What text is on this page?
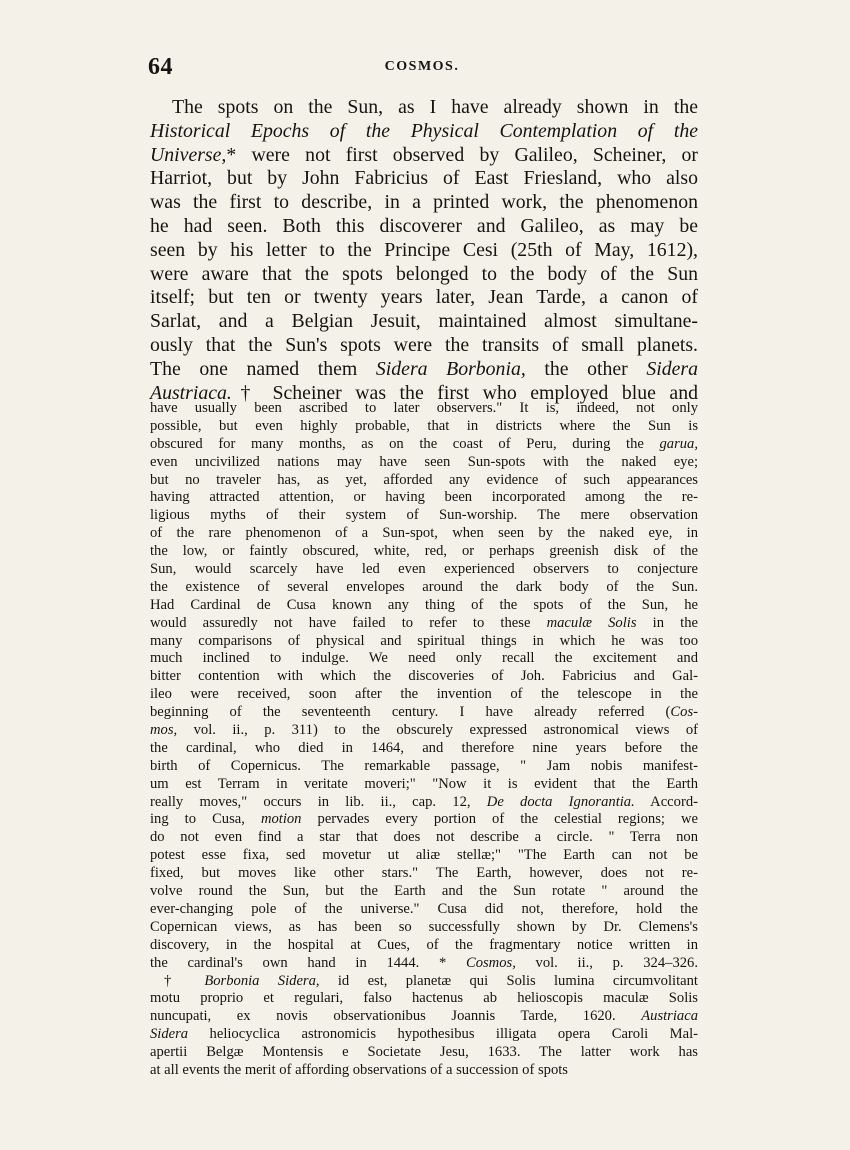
64	COSMOS.
The spots on the Sun, as I have already shown in the
Historical Epochs of the Physical Contemplation of the
Universe,* were not first observed by Galileo, Scheiner, or
Harriot, but by John Fabricius of East Friesland, who also
was the first to describe, in a printed work, the phenomenon
he had seen. Both this discoverer and Galileo, as may be
seen by his letter to the Principe Cesi (25th of May, 1612),
were aware that the spots belonged to the body of the Sun
itself; but ten or twenty years later, Jean Tarde, a canon of
Sarlat, and a Belgian Jesuit, maintained almost simultane-
ously that the Sun's spots were the transits of small planets.
The one named them Sidera Borbonia, the other Sidera
Austriaca.† Scheiner was the first who employed blue and
have usually been ascribed to later observers." It is, indeed, not only
possible, but even highly probable, that in districts where the Sun is
obscured for many months, as on the coast of Peru, during the garua,
even uncivilized nations may have seen Sun-spots with the naked eye;
but no traveler has, as yet, afforded any evidence of such appearances
having attracted attention, or having been incorporated among the re-
ligious myths of their system of Sun-worship. The mere observation
of the rare phenomenon of a Sun-spot, when seen by the naked eye, in
the low, or faintly obscured, white, red, or perhaps greenish disk of the
Sun, would scarcely have led even experienced observers to conjecture
the existence of several envelopes around the dark body of the Sun.
Had Cardinal de Cusa known any thing of the spots of the Sun, he
would assuredly not have failed to refer to these maculæ Solis in the
many comparisons of physical and spiritual things in which he was too
much inclined to indulge. We need only recall the excitement and
bitter contention with which the discoveries of Joh. Fabricius and Gal-
ileo were received, soon after the invention of the telescope in the
beginning of the seventeenth century. I have already referred (Cos-
mos, vol. ii., p. 311) to the obscurely expressed astronomical views of
the cardinal, who died in 1464, and therefore nine years before the
birth of Copernicus. The remarkable passage, " Jam nobis manifest-
um est Terram in veritate moveri;" "Now it is evident that the Earth
really moves," occurs in lib. ii., cap. 12, De docta Ignorantia. Accord-
ing to Cusa, motion pervades every portion of the celestial regions; we
do not even find a star that does not describe a circle. " Terra non
potest esse fixa, sed movetur ut aliæ stellæ;" "The Earth can not be
fixed, but moves like other stars." The Earth, however, does not re-
volve round the Sun, but the Earth and the Sun rotate " around the
ever-changing pole of the universe." Cusa did not, therefore, hold the
Copernican views, as has been so successfully shown by Dr. Clemens's
discovery, in the hospital at Cues, of the fragmentary notice written in
the cardinal's own hand in 1444. * Cosmos, vol. ii., p. 324–326.
† Borbonia Sidera, id est, planetæ qui Solis lumina circumvolitant
motu proprio et regulari, falso hactenus ab helioscopis maculæ Solis
nuncupati, ex novis observationibus Joannis Tarde, 1620. Austriaca
Sidera heliocyclica astronomicis hypothesibus illigata opera Caroli Mal-
apertii Belgæ Montensis e Societate Jesu, 1633. The latter work has
at all events the merit of affording observations of a succession of spots
